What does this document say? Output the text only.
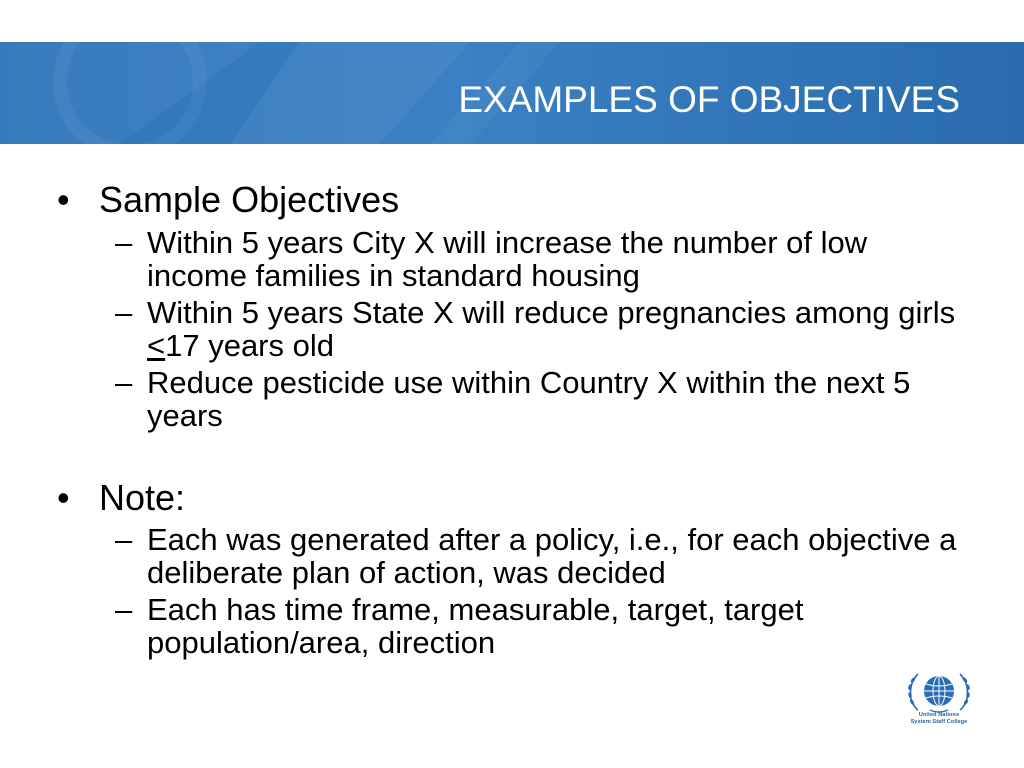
EXAMPLES OF OBJECTIVES
• Sample Objectives
– Within 5 years City X will increase the number of low income families in standard housing
– Within 5 years State X will reduce pregnancies among girls ≤17 years old
– Reduce pesticide use within Country X within the next 5 years
• Note:
– Each was generated after a policy, i.e., for each objective a deliberate plan of action, was decided
– Each has time frame, measurable, target, target population/area, direction
United Nations
System Staff College
